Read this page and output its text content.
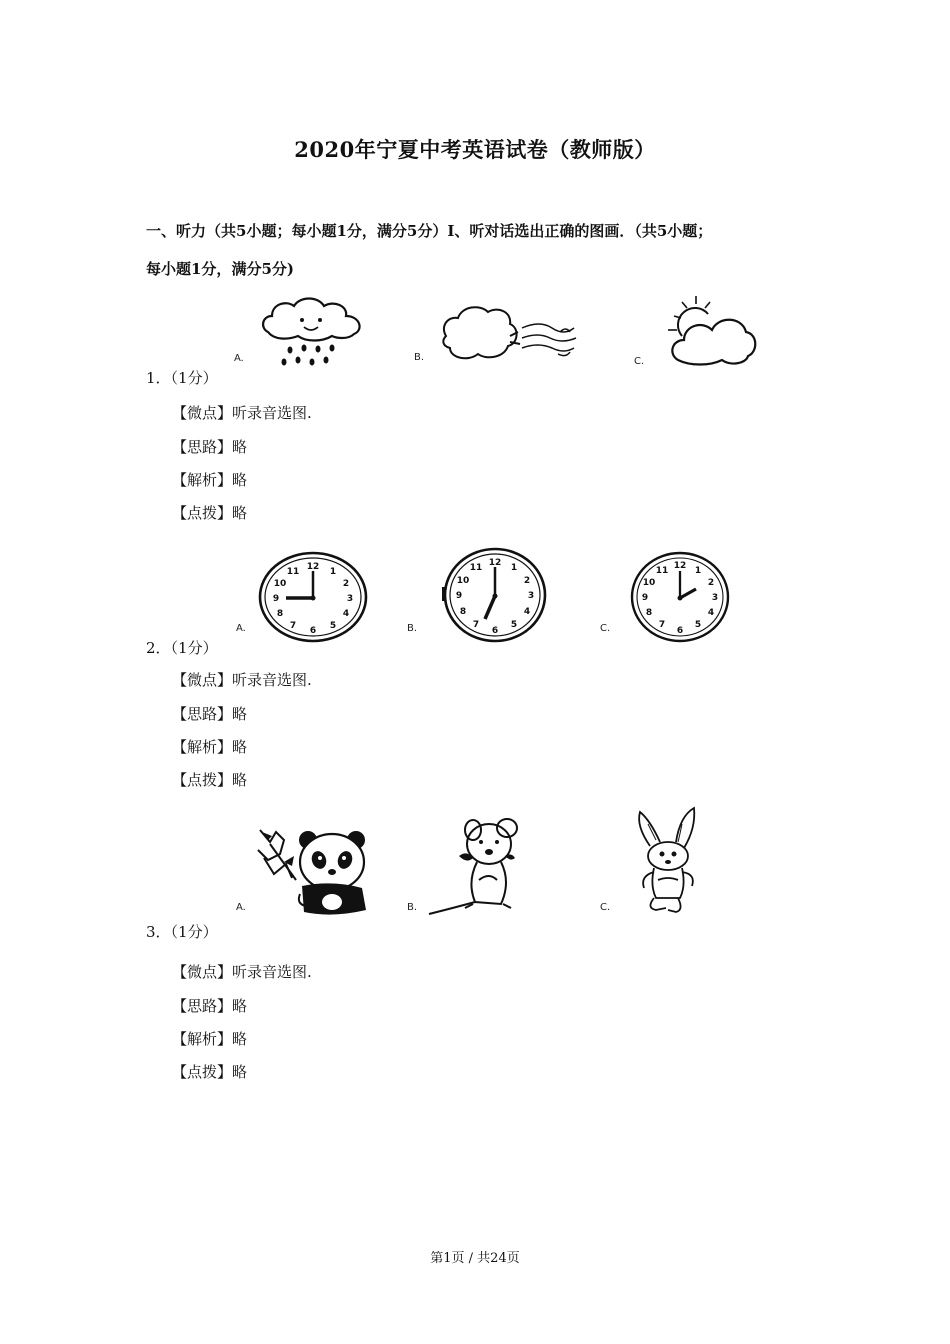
2020年宁夏中考英语试卷（教师版）
一、听力（共5小题；每小题1分，满分5分）Ⅰ、听对话选出正确的图画．（共5小题；
每小题1分，满分5分)
A.	B.	C.
1．（1分）
【微点】听录音选图.
【思路】略
【解析】略
【点拨】略
A.
12 1
2
3
4
5
6
7
8
9
10
11
B.
12 1
2
3
4
5
6
7
8
9
10
11
C.
12 1
2
3
4
5
6
7
8
9
10
11
2．（1分）
【微点】听录音选图.
【思路】略
【解析】略
【点拨】略
A.	B.	C.
3．（1分）
【微点】听录音选图.
【思路】略
【解析】略
【点拨】略
第1页 / 共24页
